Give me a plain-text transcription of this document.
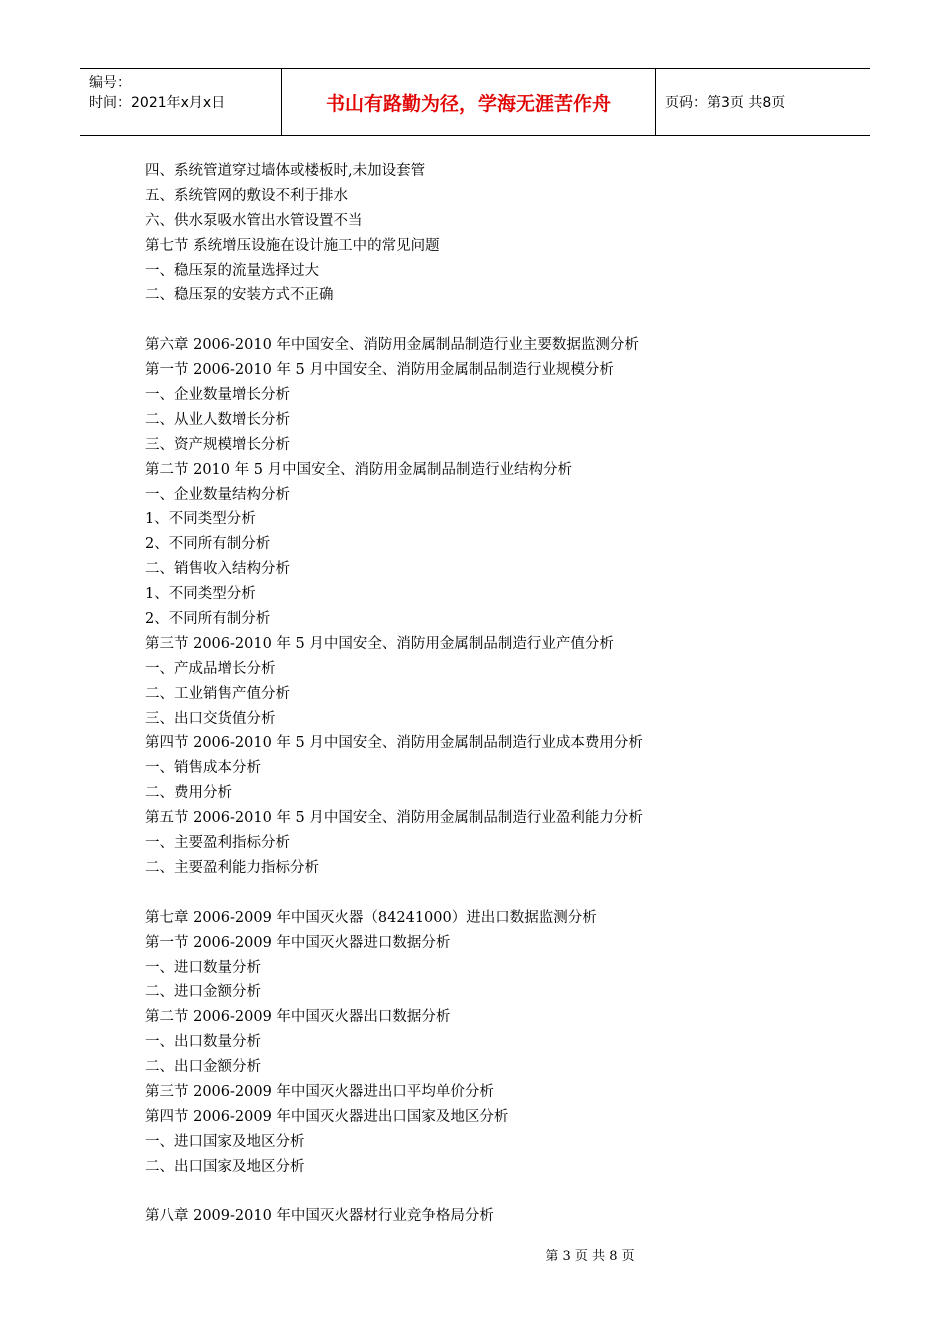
编号：
时间：2021年x月x日	书山有路勤为径，学海无涯苦作舟	页码：第3页 共8页
四、系统管道穿过墙体或楼板时,未加设套管
五、系统管网的敷设不利于排水
六、供水泵吸水管出水管设置不当
第七节 系统增压设施在设计施工中的常见问题
一、稳压泵的流量选择过大
二、稳压泵的安装方式不正确
第六章 2006-2010 年中国安全、消防用金属制品制造行业主要数据监测分析
第一节 2006-2010 年 5 月中国安全、消防用金属制品制造行业规模分析
一、企业数量增长分析
二、从业人数增长分析
三、资产规模增长分析
第二节 2010 年 5 月中国安全、消防用金属制品制造行业结构分析
一、企业数量结构分析
1、不同类型分析
2、不同所有制分析
二、销售收入结构分析
1、不同类型分析
2、不同所有制分析
第三节 2006-2010 年 5 月中国安全、消防用金属制品制造行业产值分析
一、产成品增长分析
二、工业销售产值分析
三、出口交货值分析
第四节 2006-2010 年 5 月中国安全、消防用金属制品制造行业成本费用分析
一、销售成本分析
二、费用分析
第五节 2006-2010 年 5 月中国安全、消防用金属制品制造行业盈利能力分析
一、主要盈利指标分析
二、主要盈利能力指标分析
第七章 2006-2009 年中国灭火器（84241000）进出口数据监测分析
第一节 2006-2009 年中国灭火器进口数据分析
一、进口数量分析
二、进口金额分析
第二节 2006-2009 年中国灭火器出口数据分析
一、出口数量分析
二、出口金额分析
第三节 2006-2009 年中国灭火器进出口平均单价分析
第四节 2006-2009 年中国灭火器进出口国家及地区分析
一、进口国家及地区分析
二、出口国家及地区分析
第八章 2009-2010 年中国灭火器材行业竞争格局分析
第 3 页 共 8 页
